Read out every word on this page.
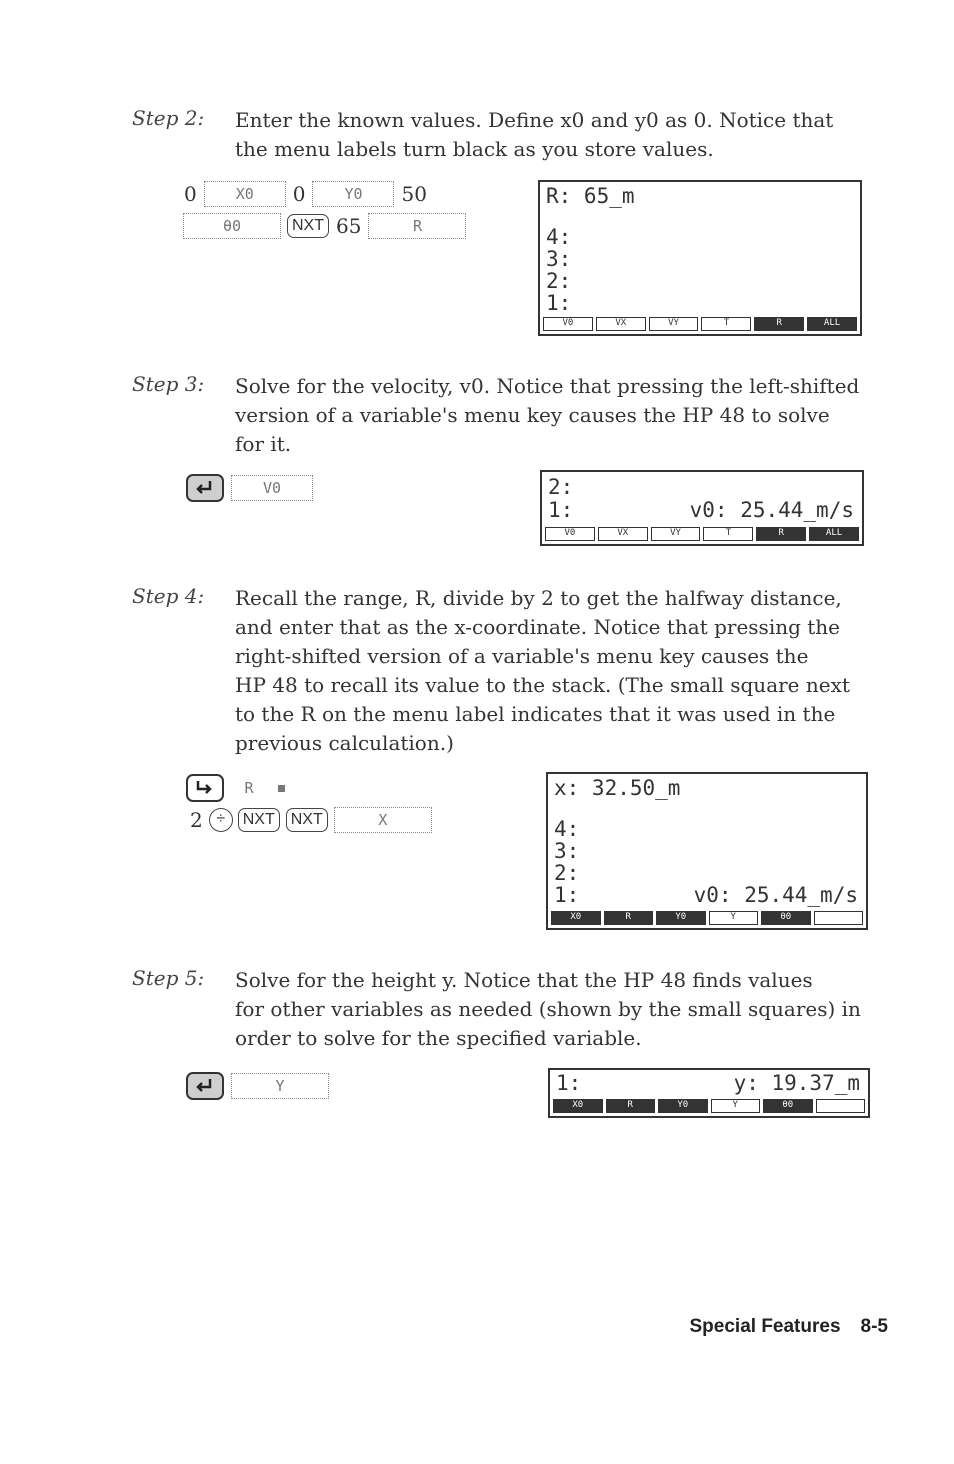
Step 2: Enter the known values. Define x0 and y0 as 0. Notice that
the menu labels turn black as you store values.
0	X0	0	Y0	50
θ0	NXT 65	R
R: 65_m
4:
3:
2:
1:
V0	VX	VY	T	R	ALL
Step 3: Solve for the velocity, v0. Notice that pressing the left-shifted
version of a variable's menu key causes the HP 48 to solve
for it.
V0	2:
1:	v0: 25.44_m/s
V0	VX	VY	T	R	ALL
Step 4: Recall the range, R, divide by 2 to get the halfway distance,
and enter that as the x-coordinate. Notice that pressing the
right-shifted version of a variable's menu key causes the
HP 48 to recall its value to the stack. (The small square next
to the R on the menu label indicates that it was used in the
previous calculation.)
R
2 ÷	NXT	NXT	X
x: 32.50_m
4:
3:
2:
1:	v0: 25.44_m/s
X0	R	Y0	Y	θ0
Step 5: Solve for the height y. Notice that the HP 48 finds values
for other variables as needed (shown by the small squares) in
order to solve for the specified variable.
Y	1:	y: 19.37_m
X0	R	Y0	Y	θ0
Special Features 8-5
